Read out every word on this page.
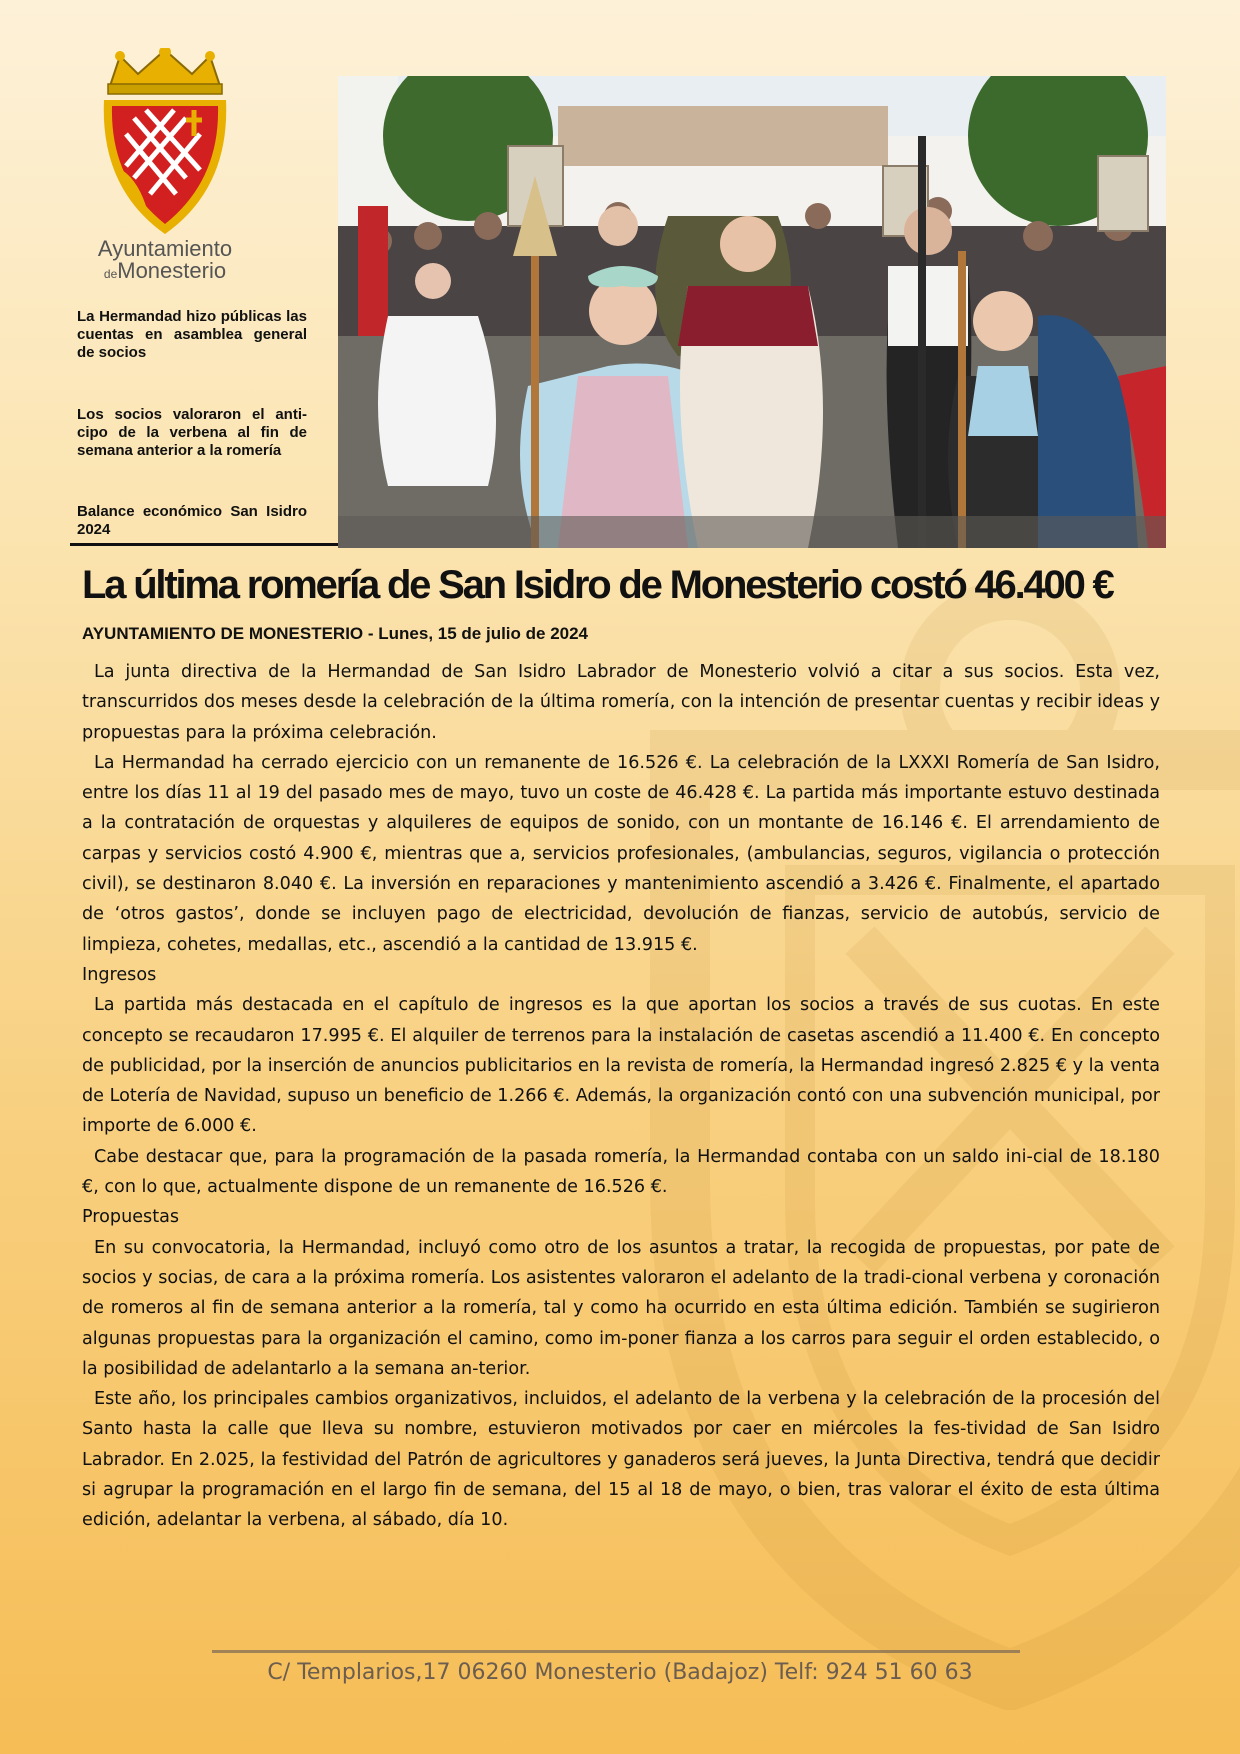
Ayuntamiento
deMonesterio
La Hermandad hizo públicas las cuentas en asamblea general de socios
Los socios valoraron el anti-cipo de la verbena al fin de semana anterior a la romería
Balance económico San Isidro 2024
La última romería de San Isidro de Monesterio costó 46.400 €
AYUNTAMIENTO DE MONESTERIO - Lunes, 15 de julio de 2024

La junta directiva de la Hermandad de San Isidro Labrador de Monesterio volvió a citar a sus socios. Esta vez, transcurridos dos meses desde la celebración de la última romería, con la intención de presentar cuentas y recibir ideas y propuestas para la próxima celebración.

La Hermandad ha cerrado ejercicio con un remanente de 16.526 €. La celebración de la LXXXI Romería de San Isidro, entre los días 11 al 19 del pasado mes de mayo, tuvo un coste de 46.428 €. La partida más importante estuvo destinada a la contratación de orquestas y alquileres de equipos de sonido, con un montante de 16.146 €. El arrendamiento de carpas y servicios costó 4.900 €, mientras que a, servicios profesionales, (ambulancias, seguros, vigilancia o protección civil), se destinaron 8.040 €. La inversión en reparaciones y mantenimiento ascendió a 3.426 €. Finalmente, el apartado de ‘otros gastos’, donde se incluyen pago de electricidad, devolución de fianzas, servicio de autobús, servicio de limpieza, cohetes, medallas, etc., ascendió a la cantidad de 13.915 €.

Ingresos

La partida más destacada en el capítulo de ingresos es la que aportan los socios a través de sus cuotas. En este concepto se recaudaron 17.995 €. El alquiler de terrenos para la instalación de casetas ascendió a 11.400 €. En concepto de publicidad, por la inserción de anuncios publicitarios en la revista de romería, la Hermandad ingresó 2.825 € y la venta de Lotería de Navidad, supuso un beneficio de 1.266 €. Además, la organización contó con una subvención municipal, por importe de 6.000 €.

Cabe destacar que, para la programación de la pasada romería, la Hermandad contaba con un saldo ini-cial de 18.180 €, con lo que, actualmente dispone de un remanente de 16.526 €.

Propuestas

En su convocatoria, la Hermandad, incluyó como otro de los asuntos a tratar, la recogida de propuestas, por pate de socios y socias, de cara a la próxima romería. Los asistentes valoraron el adelanto de la tradi-cional verbena y coronación de romeros al fin de semana anterior a la romería, tal y como ha ocurrido en esta última edición. También se sugirieron algunas propuestas para la organización el camino, como im-poner fianza a los carros para seguir el orden establecido, o la posibilidad de adelantarlo a la semana an-terior.

Este año, los principales cambios organizativos, incluidos, el adelanto de la verbena y la celebración de la procesión del Santo hasta la calle que lleva su nombre, estuvieron motivados por caer en miércoles la fes-tividad de San Isidro Labrador. En 2.025, la festividad del Patrón de agricultores y ganaderos será jueves, la Junta Directiva, tendrá que decidir si agrupar la programación en el largo fin de semana, del 15 al 18 de mayo, o bien, tras valorar el éxito de esta última edición, adelantar la verbena, al sábado, día 10.

C/ Templarios,17 06260 Monesterio (Badajoz) Telf: 924 51 60 63
